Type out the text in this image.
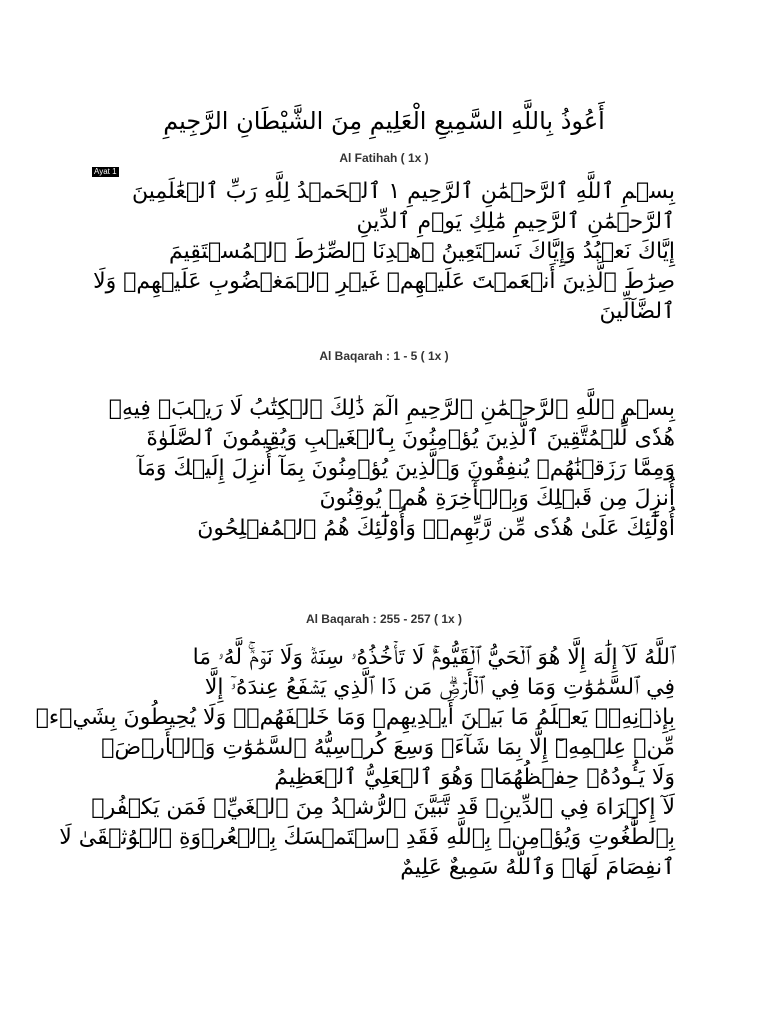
أَعُوذُ بِاللَّهِ السَّمِيعِ الْعَلِيمِ مِنَ الشَّيْطَانِ الرَّجِيمِ
Al Fatihah ( 1x )
Ayat 1
بِسۡمِ ٱللَّهِ ٱلرَّحۡمَٰنِ ٱلرَّحِيمِ ١ ٱلۡحَمۡدُ لِلَّهِ رَبِّ ٱلۡعَٰلَمِينَ
ٱلرَّحۡمَٰنِ ٱلرَّحِيمِ مَٰلِكِ يَوۡمِ ٱلدِّينِ
إِيَّاكَ نَعۡبُدُ وَإِيَّاكَ نَسۡتَعِينُ ٱهۡدِنَا ٱلصِّرَٰطَ ٱلۡمُسۡتَقِيمَ
صِرَٰطَ ٱلَّذِينَ أَنۡعَمۡتَ عَلَيۡهِمۡ غَيۡرِ ٱلۡمَغۡضُوبِ عَلَيۡهِمۡ وَلَا
ٱلضَّآلِّينَ
Al Baqarah : 1 - 5 ( 1x )
بِسۡمِ ٱللَّهِ ٱلرَّحۡمَٰنِ ٱلرَّحِيمِ الٓمٓ ذَٰلِكَ ٱلۡكِتَٰبُ لَا رَيۡبَۛ فِيهِۛ
هُدٗى لِّلۡمُتَّقِينَ ٱلَّذِينَ يُؤۡمِنُونَ بِٱلۡغَيۡبِ وَيُقِيمُونَ ٱلصَّلَوٰةَ
وَمِمَّا رَزَقۡنَٰهُمۡ يُنفِقُونَ وَٱلَّذِينَ يُؤۡمِنُونَ بِمَآ أُنزِلَ إِلَيۡكَ وَمَآ
أُنزِلَ مِن قَبۡلِكَ وَبِٱلۡأٓخِرَةِ هُمۡ يُوقِنُونَ
أُوْلَٰٓئِكَ عَلَىٰ هُدٗى مِّن رَّبِّهِمۡۖ وَأُوْلَٰٓئِكَ هُمُ ٱلۡمُفۡلِحُونَ
Al Baqarah : 255 - 257 ( 1x )
ٱللَّهُ لَآ إِلَٰهَ إِلَّا هُوَ ٱلۡحَيُّ ٱلۡقَيُّومُۚ لَا تَأۡخُذُهُۥ سِنَةٞ وَلَا نَوۡمٞۚ لَّهُۥ مَا
فِي ٱلسَّمَٰوَٰتِ وَمَا فِي ٱلۡأَرۡضِۗ مَن ذَا ٱلَّذِي يَشۡفَعُ عِندَهُۥٓ إِلَّا
بِإِذۡنِهِۦۚ يَعۡلَمُ مَا بَيۡنَ أَيۡدِيهِمۡ وَمَا خَلۡفَهُمۡۖ وَلَا يُحِيطُونَ بِشَيۡءٖ
مِّنۡ عِلۡمِهِۦٓ إِلَّا بِمَا شَآءَۚ وَسِعَ كُرۡسِيُّهُ ٱلسَّمَٰوَٰتِ وَٱلۡأَرۡضَۖ
وَلَا يَـُٔودُهُۥ حِفۡظُهُمَاۚ وَهُوَ ٱلۡعَلِيُّ ٱلۡعَظِيمُ
لَآ إِكۡرَاهَ فِي ٱلدِّينِۖ قَد تَّبَيَّنَ ٱلرُّشۡدُ مِنَ ٱلۡغَيِّۚ فَمَن يَكۡفُرۡ
بِٱلطَّٰغُوتِ وَيُؤۡمِنۢ بِٱللَّهِ فَقَدِ ٱسۡتَمۡسَكَ بِٱلۡعُرۡوَةِ ٱلۡوُثۡقَىٰ لَا
ٱنفِصَامَ لَهَاۗ وَٱللَّهُ سَمِيعٌ عَلِيمٌ
